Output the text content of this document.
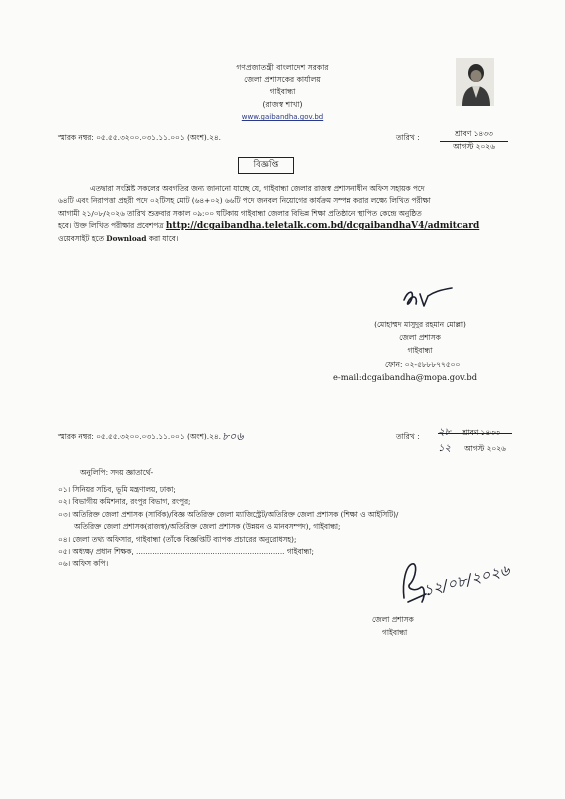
গণপ্রজাতন্ত্রী বাংলাদেশ সরকার
জেলা প্রশাসকের কার্যালয়
গাইবান্ধা
(রাজস্ব শাখা)
www.gaibandha.gov.bd
স্মারক নম্বর: ০৫.৫৫.৩২০০.০৩১.১১.০০১ (অংশ).২৪.	তারিখ :	শ্রাবণ ১৪৩৩
আগস্ট ২০২৬
বিজ্ঞপ্তি
এতদ্বারা সংশ্লিষ্ট সকলের অবগতির জন্য জানানো যাচ্ছে যে, গাইবান্ধা জেলার রাজস্ব প্রশাসনাধীন অফিস সহায়ক পদে
৬৪টি এবং নিরাপত্তা প্রহরী পদে ০২টিসহ মোট (৬৪+০২) ৬৬টি পদে জনবল নিয়োগের কার্যক্রম সম্পন্ন করার লক্ষ্যে লিখিত পরীক্ষা
আগামী ২১/০৮/২০২৬ তারিখ শুক্রবার সকাল ০৯:০০ ঘটিকায় গাইবান্ধা জেলার বিভিন্ন শিক্ষা প্রতিষ্ঠানে স্থাপিত কেন্দ্রে অনুষ্ঠিত
হবে। উক্ত লিখিত পরীক্ষার প্রবেশপত্র http://dcgaibandha.teletalk.com.bd/dcgaibandhaV4/admitcard
ওয়েবসাইট হতে Download করা যাবে।
(মোহাম্মদ মাসুদুর রহমান মোল্লা)
জেলা প্রশাসক
গাইবান্ধা
ফোন: ০২-৫৮৮৮৭৭৫০০
e-mail:dcgaibandha@mopa.gov.bd
স্মারক নম্বর: ০৫.৫৫.৩২০০.০৩১.১১.০০১ (অংশ).২৪. ৮০৬	তারিখ : ২৮ শ্রাবণ ১৪৩৩
১২ আগস্ট ২০২৬
অনুলিপি: সদয় জ্ঞাতার্থে-
০১। সিনিয়র সচিব, ভূমি মন্ত্রণালয়, ঢাকা;
০২। বিভাগীয় কমিশনার, রংপুর বিভাগ, রংপুর;
০৩। অতিরিক্ত জেলা প্রশাসক (সার্বিক)/বিজ্ঞ অতিরিক্ত জেলা ম্যাজিস্ট্রেট/অতিরিক্ত জেলা প্রশাসক (শিক্ষা ও আইসিটি)/
অতিরিক্ত জেলা প্রশাসক(রাজস্ব)/অতিরিক্ত জেলা প্রশাসক (উন্নয়ন ও মানবসম্পদ), গাইবান্ধা;
০৪। জেলা তথ্য অফিসার, গাইবান্ধা (তাঁকে বিজ্ঞপ্তিটি ব্যাপক প্রচারের অনুরোধসহ);
০৫। অধ্যক্ষ/ প্রধান শিক্ষক, ................................................................ গাইবান্ধা;
০৬। অফিস কপি।	১২/০৮/২০২৬
জেলা প্রশাসক
গাইবান্ধা
